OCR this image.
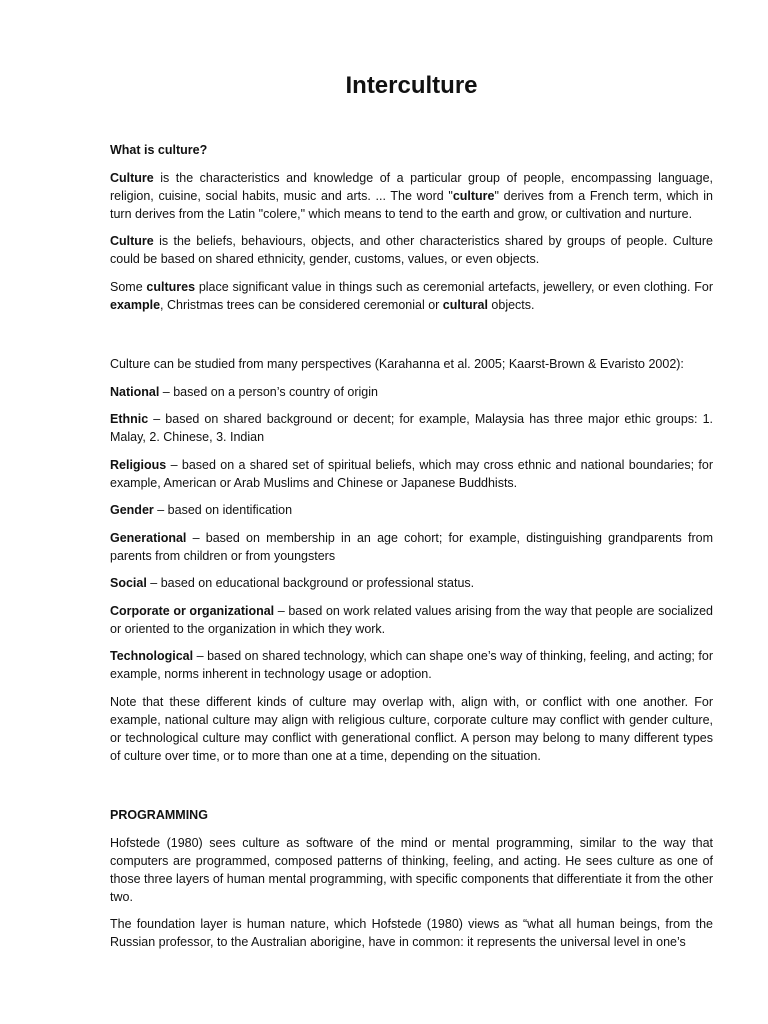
Interculture

What is culture?

Culture is the characteristics and knowledge of a particular group of people, encompassing language, religion, cuisine, social habits, music and arts. ... The word "culture" derives from a French term, which in turn derives from the Latin "colere," which means to tend to the earth and grow, or cultivation and nurture.

Culture is the beliefs, behaviours, objects, and other characteristics shared by groups of people. Culture could be based on shared ethnicity, gender, customs, values, or even objects.

Some cultures place significant value in things such as ceremonial artefacts, jewellery, or even clothing. For example, Christmas trees can be considered ceremonial or cultural objects.

Culture can be studied from many perspectives (Karahanna et al. 2005; Kaarst-Brown & Evaristo 2002):

National – based on a person’s country of origin

Ethnic – based on shared background or decent; for example, Malaysia has three major ethic groups: 1. Malay, 2. Chinese, 3. Indian

Religious – based on a shared set of spiritual beliefs, which may cross ethnic and national boundaries; for example, American or Arab Muslims and Chinese or Japanese Buddhists.

Gender – based on identification

Generational – based on membership in an age cohort; for example, distinguishing grandparents from parents from children or from youngsters

Social – based on educational background or professional status.

Corporate or organizational – based on work related values arising from the way that people are socialized or oriented to the organization in which they work.

Technological – based on shared technology, which can shape one’s way of thinking, feeling, and acting; for example, norms inherent in technology usage or adoption.

Note that these different kinds of culture may overlap with, align with, or conflict with one another. For example, national culture may align with religious culture, corporate culture may conflict with gender culture, or technological culture may conflict with generational conflict. A person may belong to many different types of culture over time, or to more than one at a time, depending on the situation.

PROGRAMMING

Hofstede (1980) sees culture as software of the mind or mental programming, similar to the way that computers are programmed, composed patterns of thinking, feeling, and acting. He sees culture as one of those three layers of human mental programming, with specific components that differentiate it from the other two.

The foundation layer is human nature, which Hofstede (1980) views as “what all human beings, from the Russian professor, to the Australian aborigine, have in common: it represents the universal level in one’s
